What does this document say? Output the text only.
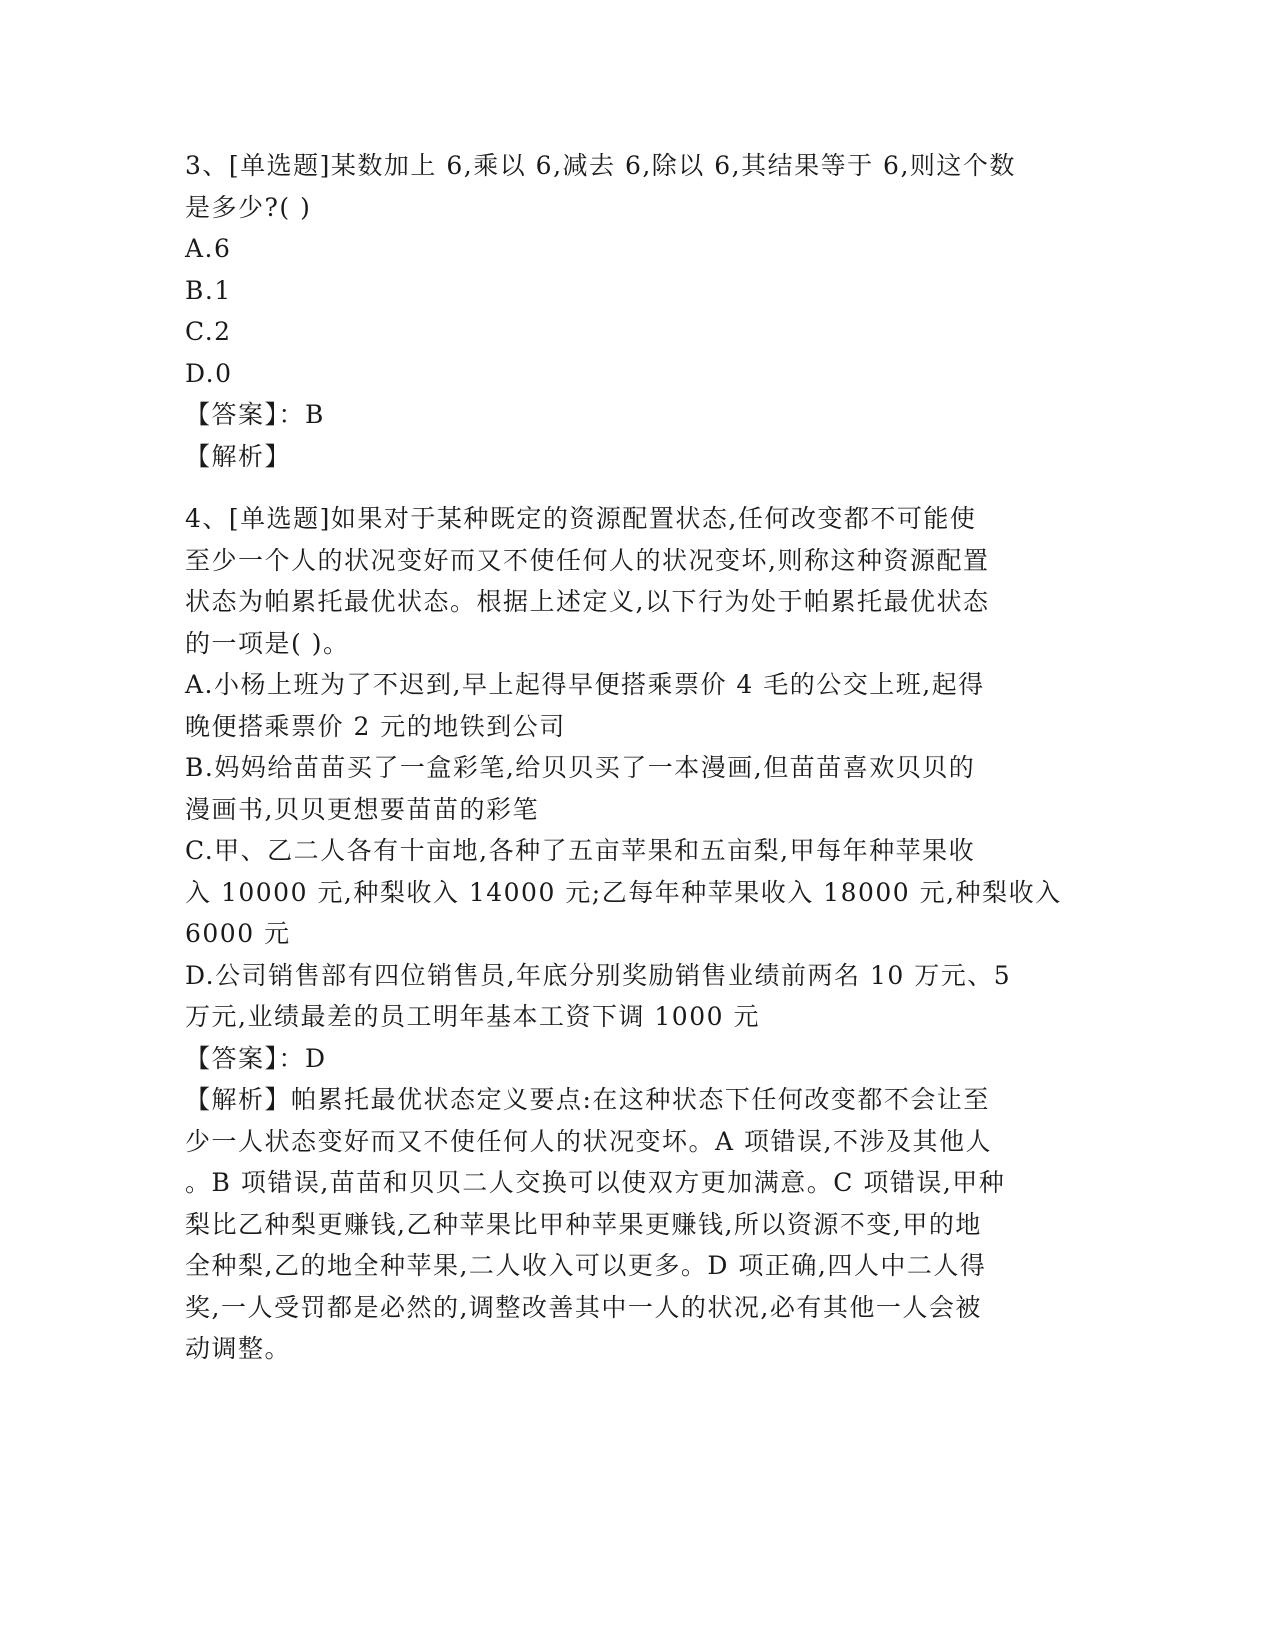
3、[单选题]某数加上 6,乘以 6,减去 6,除以 6,其结果等于 6,则这个数
是多少?( )
A.6
B.1
C.2
D.0
【答案】：B
【解析】
4、[单选题]如果对于某种既定的资源配置状态,任何改变都不可能使
至少一个人的状况变好而又不使任何人的状况变坏,则称这种资源配置
状态为帕累托最优状态。根据上述定义,以下行为处于帕累托最优状态
的一项是( )。
A.小杨上班为了不迟到,早上起得早便搭乘票价 4 毛的公交上班,起得
晚便搭乘票价 2 元的地铁到公司
B.妈妈给苗苗买了一盒彩笔,给贝贝买了一本漫画,但苗苗喜欢贝贝的
漫画书,贝贝更想要苗苗的彩笔
C.甲、乙二人各有十亩地,各种了五亩苹果和五亩梨,甲每年种苹果收
入 10000 元,种梨收入 14000 元;乙每年种苹果收入 18000 元,种梨收入
6000 元
D.公司销售部有四位销售员,年底分别奖励销售业绩前两名 10 万元、5
万元,业绩最差的员工明年基本工资下调 1000 元
【答案】：D
【解析】帕累托最优状态定义要点:在这种状态下任何改变都不会让至
少一人状态变好而又不使任何人的状况变坏。A 项错误,不涉及其他人
。B 项错误,苗苗和贝贝二人交换可以使双方更加满意。C 项错误,甲种
梨比乙种梨更赚钱,乙种苹果比甲种苹果更赚钱,所以资源不变,甲的地
全种梨,乙的地全种苹果,二人收入可以更多。D 项正确,四人中二人得
奖,一人受罚都是必然的,调整改善其中一人的状况,必有其他一人会被
动调整。
